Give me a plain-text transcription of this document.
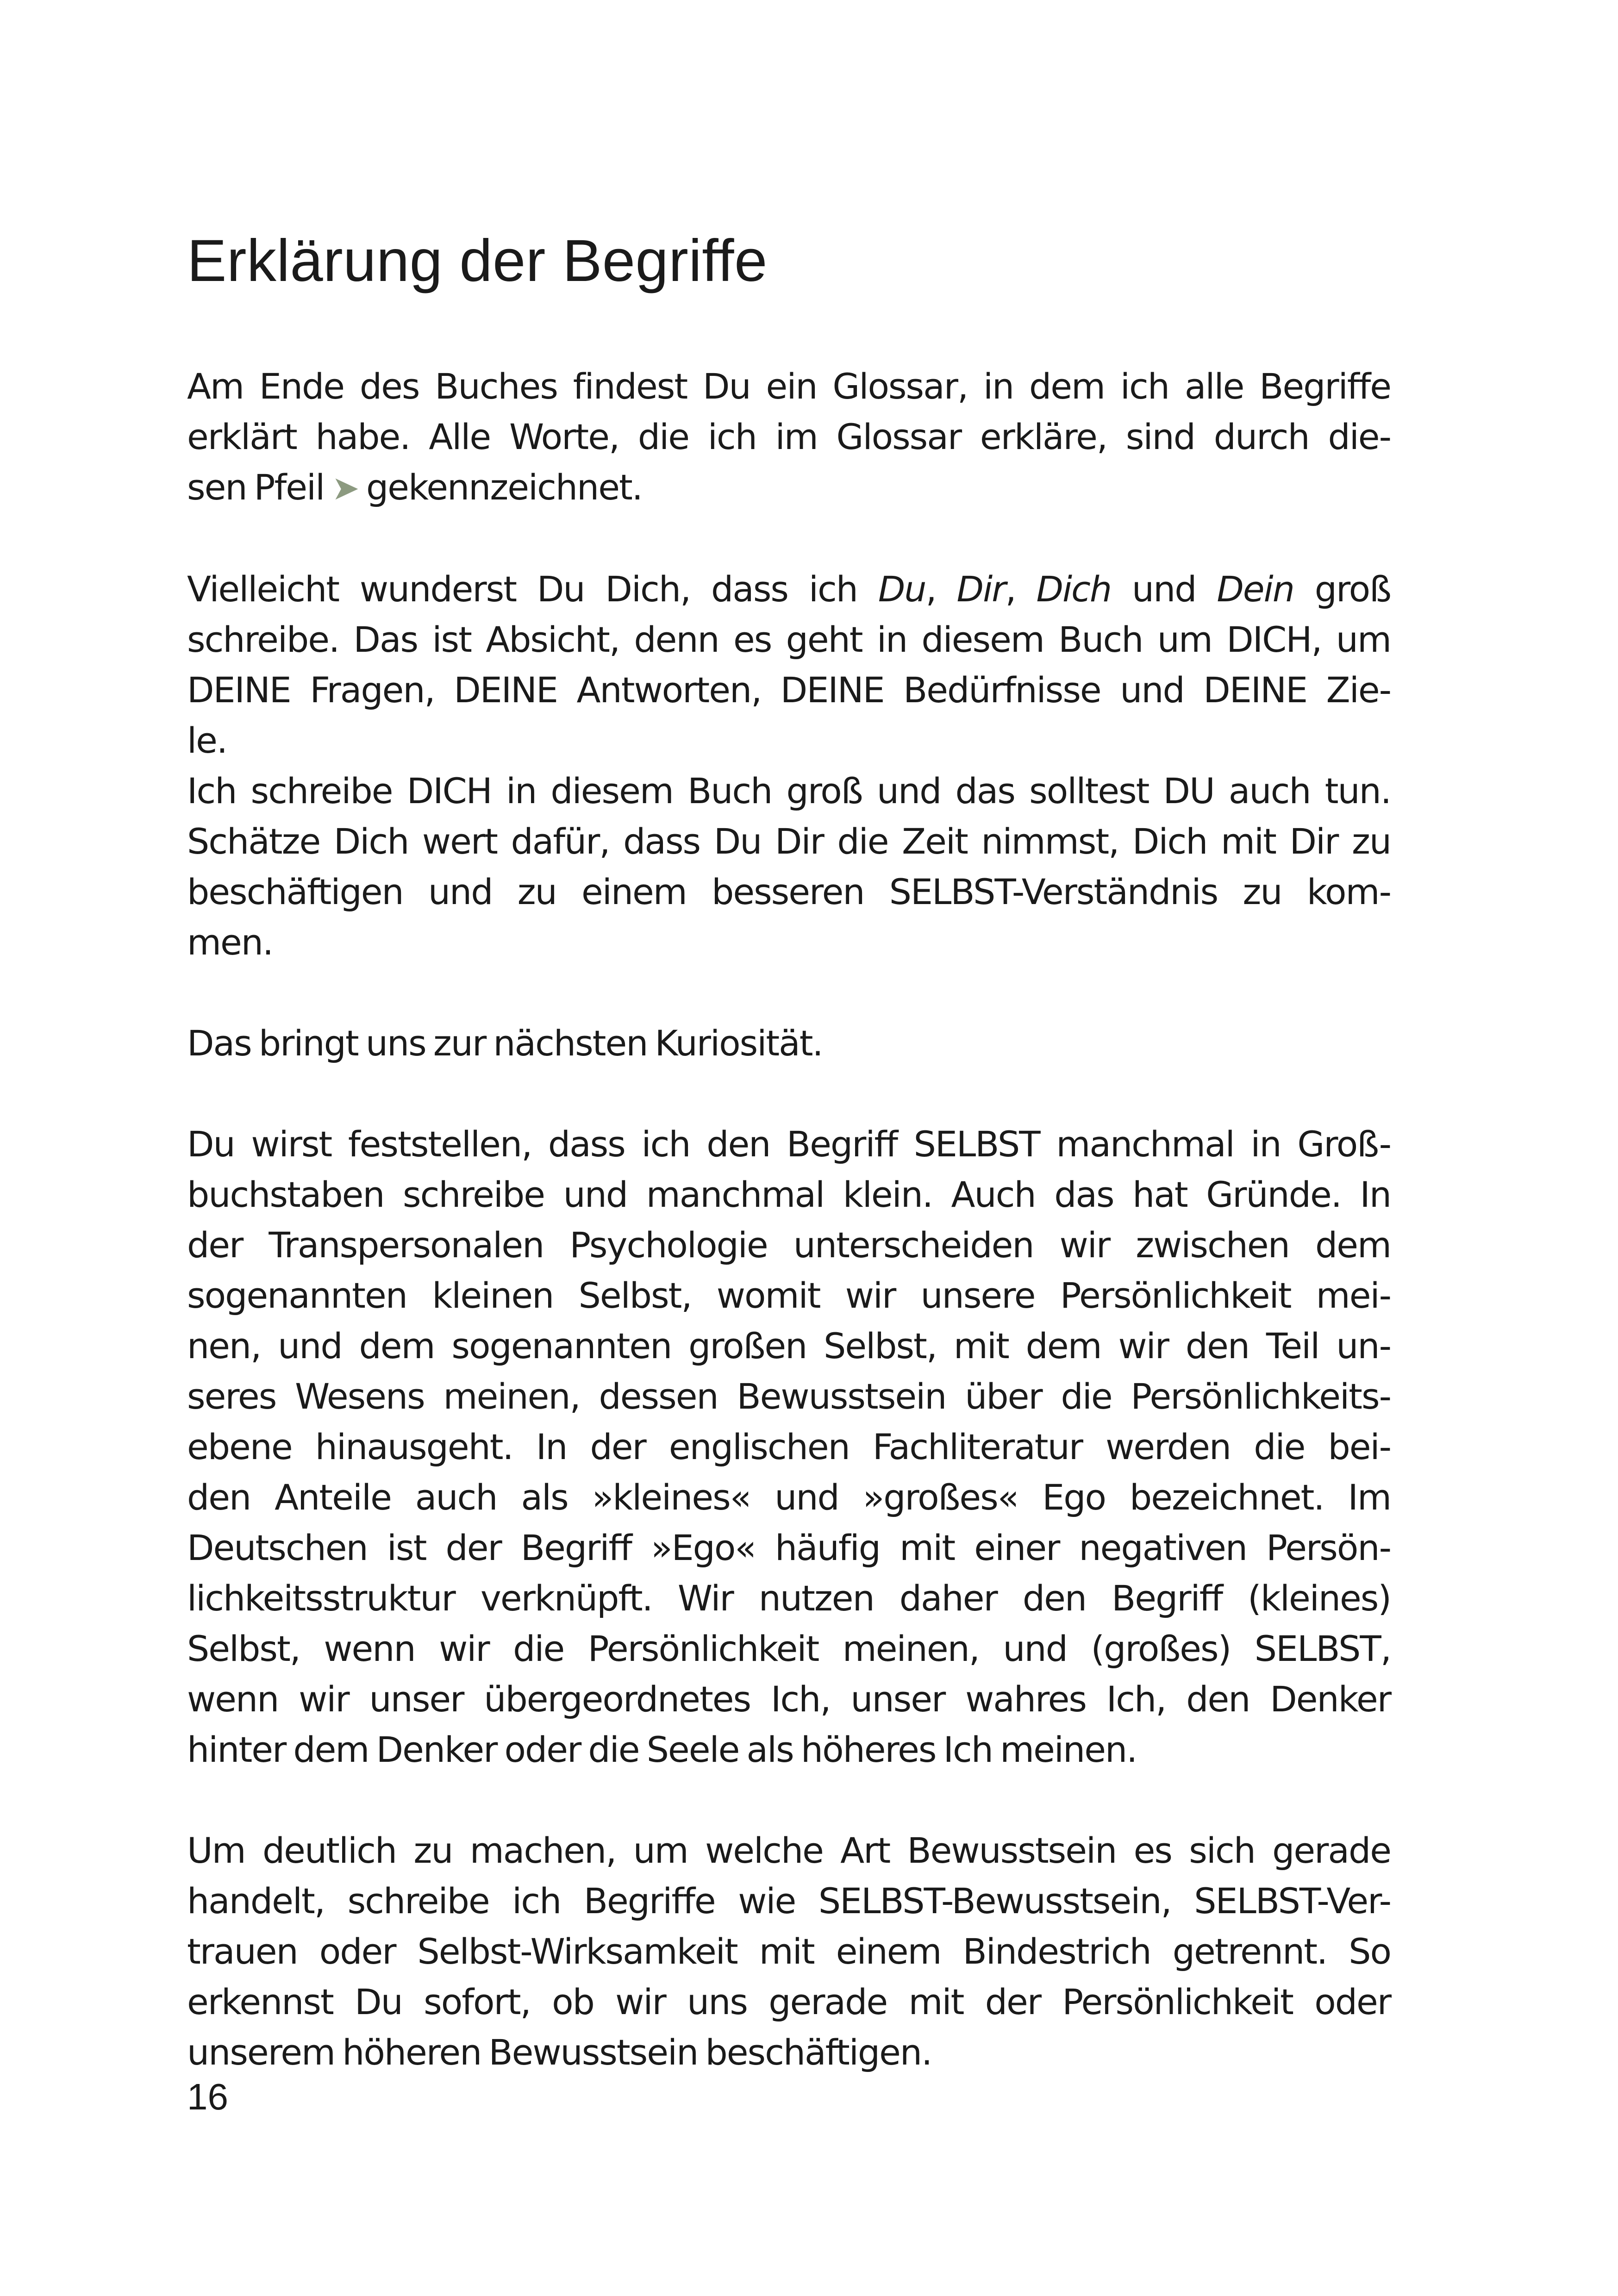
Erklärung der Begriffe

Am Ende des Buches findest Du ein Glossar, in dem ich alle Begriffe
erklärt habe. Alle Worte, die ich im Glossar erkläre, sind durch die-
sen Pfeil ➤ gekennzeichnet.

Vielleicht wunderst Du Dich, dass ich Du, Dir, Dich und Dein groß
schreibe. Das ist Absicht, denn es geht in diesem Buch um DICH, um
DEINE Fragen, DEINE Antworten, DEINE Bedürfnisse und DEINE Zie-
le.

Ich schreibe DICH in diesem Buch groß und das solltest DU auch tun.
Schätze Dich wert dafür, dass Du Dir die Zeit nimmst, Dich mit Dir zu
beschäftigen und zu einem besseren SELBST-Verständnis zu kom-
men.

Das bringt uns zur nächsten Kuriosität.

Du wirst feststellen, dass ich den Begriff SELBST manchmal in Groß-
buchstaben schreibe und manchmal klein. Auch das hat Gründe. In
der Transpersonalen Psychologie unterscheiden wir zwischen dem
sogenannten kleinen Selbst, womit wir unsere Persönlichkeit mei-
nen, und dem sogenannten großen Selbst, mit dem wir den Teil un-
seres Wesens meinen, dessen Bewusstsein über die Persönlichkeits-
ebene hinausgeht. In der englischen Fachliteratur werden die bei-
den Anteile auch als »kleines« und »großes« Ego bezeichnet. Im
Deutschen ist der Begriff »Ego« häufig mit einer negativen Persön-
lichkeitsstruktur verknüpft. Wir nutzen daher den Begriff (kleines)
Selbst, wenn wir die Persönlichkeit meinen, und (großes) SELBST,
wenn wir unser übergeordnetes Ich, unser wahres Ich, den Denker
hinter dem Denker oder die Seele als höheres Ich meinen.

Um deutlich zu machen, um welche Art Bewusstsein es sich gerade
handelt, schreibe ich Begriffe wie SELBST-Bewusstsein, SELBST-Ver-
trauen oder Selbst-Wirksamkeit mit einem Bindestrich getrennt. So
erkennst Du sofort, ob wir uns gerade mit der Persönlichkeit oder
unserem höheren Bewusstsein beschäftigen.

16
